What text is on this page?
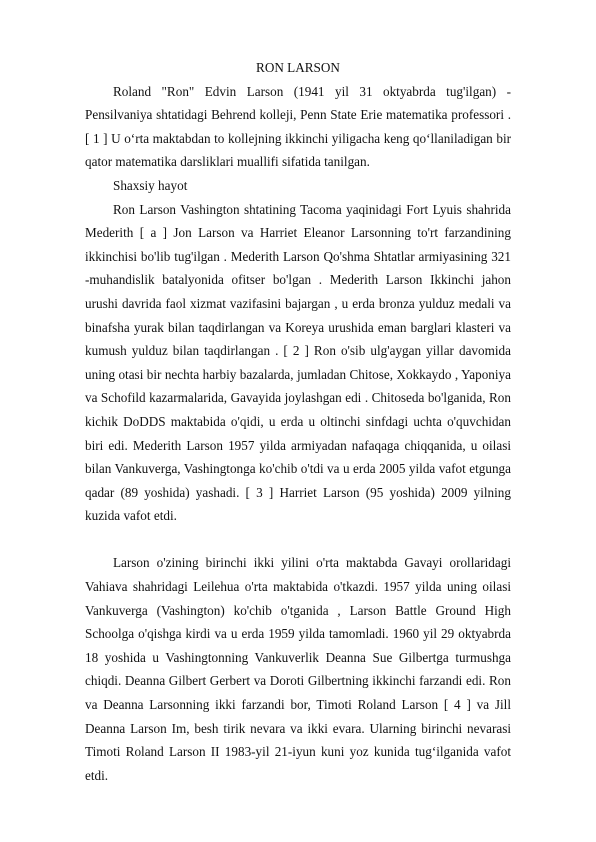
RON LARSON

Roland "Ron" Edvin Larson (1941 yil 31 oktyabrda tug'ilgan) - Pensilvaniya shtatidagi Behrend kolleji, Penn State Erie matematika professori . [ 1 ] U o‘rta maktabdan to kollejning ikkinchi yiligacha keng qo‘llaniladigan bir qator matematika darsliklari muallifi sifatida tanilgan.

Shaxsiy hayot

Ron Larson Vashington shtatining Tacoma yaqinidagi Fort Lyuis shahrida Mederith [ a ] Jon Larson va Harriet Eleanor Larsonning to'rt farzandining ikkinchisi bo'lib tug'ilgan . Mederith Larson Qo'shma Shtatlar armiyasining 321 -muhandislik batalyonida ofitser bo'lgan . Mederith Larson Ikkinchi jahon urushi davrida faol xizmat vazifasini bajargan , u erda bronza yulduz medali va binafsha yurak bilan taqdirlangan va Koreya urushida eman barglari klasteri va kumush yulduz bilan taqdirlangan . [ 2 ] Ron o'sib ulg'aygan yillar davomida uning otasi bir nechta harbiy bazalarda, jumladan Chitose, Xokkaydo , Yaponiya va Schofild kazarmalarida, Gavayida joylashgan edi . Chitoseda bo'lganida, Ron kichik DoDDS maktabida o'qidi, u erda u oltinchi sinfdagi uchta o'quvchidan biri edi. Mederith Larson 1957 yilda armiyadan nafaqaga chiqqanida, u oilasi bilan Vankuverga, Vashingtonga ko'chib o'tdi va u erda 2005 yilda vafot etgunga qadar (89 yoshida) yashadi. [ 3 ] Harriet Larson (95 yoshida) 2009 yilning kuzida vafot etdi.

Larson o'zining birinchi ikki yilini o'rta maktabda Gavayi orollaridagi Vahiava shahridagi Leilehua o'rta maktabida o'tkazdi. 1957 yilda uning oilasi Vankuverga (Vashington) ko'chib o'tganida , Larson Battle Ground High Schoolga o'qishga kirdi va u erda 1959 yilda tamomladi. 1960 yil 29 oktyabrda 18 yoshida u Vashingtonning Vankuverlik Deanna Sue Gilbertga turmushga chiqdi. Deanna Gilbert Gerbert va Doroti Gilbertning ikkinchi farzandi edi. Ron va Deanna Larsonning ikki farzandi bor, Timoti Roland Larson [ 4 ] va Jill Deanna Larson Im, besh tirik nevara va ikki evara. Ularning birinchi nevarasi Timoti Roland Larson II 1983-yil 21-iyun kuni yoz kunida tug‘ilganida vafot etdi.
